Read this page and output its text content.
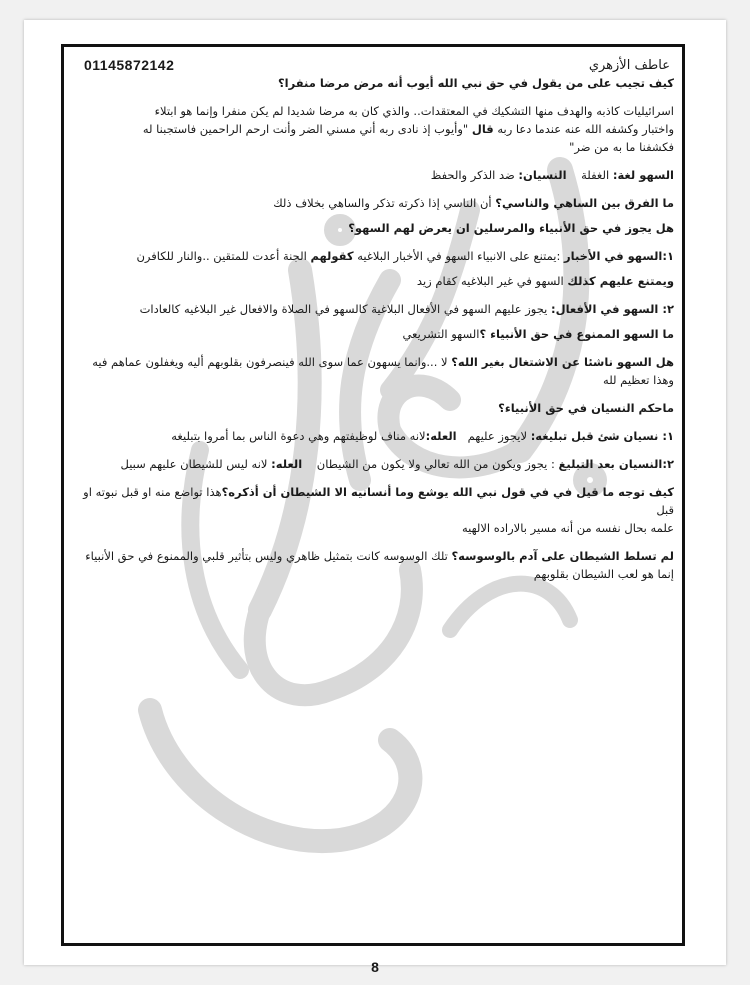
01145872142	عاطف الأزهري

كيف تجيب على من يقول في حق نبي الله أيوب أنه مرض مرضا منفرا؟

اسرائيليات كاذبه والهدف منها التشكيك في المعتقدات.. والذي كان به مرضا شديدا لم يكن منفرا وإنما هو ابتلاء

واختبار وكشفه الله عنه عندما دعا ربه قال "وأيوب إذ نادى ربه أني مسني الضر وأنت ارحم الراحمين فاستجبنا له

فكشفنا ما به من ضر"

السهو لغة: الغفلة    النسيان: ضد الذكر والحفظ

ما الفرق بين الساهي والناسي؟ أن الناسي إذا ذكرته تذكر والساهي بخلاف ذلك

هل يجوز في حق الأنبياء والمرسلين ان يعرض لهم السهو؟

١:السهو في الأخبار :يمتنع على الانبياء السهو في الأخبار البلاغيه كقولهم الجنة أعدت للمتقين ..والنار للكافرن

ويمتنع عليهم كذلك السهو في غير البلاغيه كقام زيد

٢: السهو في الأفعال: يجوز عليهم السهو في الأفعال البلاغية كالسهو في الصلاة والافعال غير البلاغيه كالعادات

ما السهو الممنوع في حق الأنبياء ؟السهو التشريعي

هل السهو ناشئا عن الاشتغال بغير الله؟ لا ...وانما يسهون عما سوى الله فينصرفون بقلوبهم أليه ويغفلون عماهم فيه

وهذا تعظيم لله

ماحكم النسيان في حق الأنبياء؟

١: نسيان شئ قبل تبليغه: لايجوز عليهم   العله:لانه مناف لوظيفتهم وهي دعوة الناس بما أمروا بتبليغه

٢:النسيان بعد التبليغ : يجوز ويكون من الله تعالي ولا يكون من الشيطان    العله: لانه ليس للشيطان عليهم سبيل

كيف توجه ما قيل في في قول نبي الله يوشع وما أنسانيه الا الشيطان أن أذكره؟هذا تواضع منه او قبل نبوته او قبل

علمه بحال نفسه من أنه مسير بالاراده الالهيه

لم تسلط الشيطان على آدم بالوسوسه؟ تلك الوسوسه كانت بتمثيل ظاهري وليس بتأثير قلبي والممنوع في حق الأنبياء

إنما هو لعب الشيطان بقلوبهم

8
